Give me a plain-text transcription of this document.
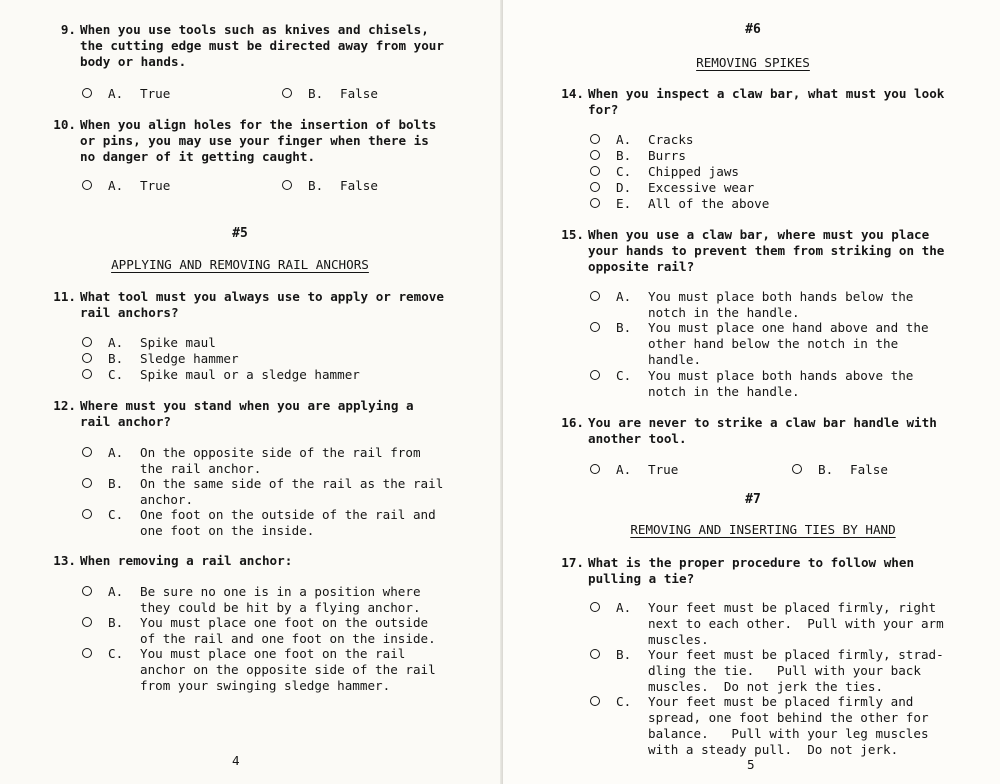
9.

When you use tools such as knives and chisels,

the cutting edge must be directed away from your

body or hands.

A. True	B. False

10.

When you align holes for the insertion of bolts

or pins, you may use your finger when there is

no danger of it getting caught.

A. True	B. False
#5
APPLYING AND REMOVING RAIL ANCHORS

11.

What tool must you always use to apply or remove

rail anchors?

A. Spike maul
B. Sledge hammer
C. Spike maul or a sledge hammer

12.

Where must you stand when you are applying a

rail anchor?

A. On the opposite side of the rail from
the rail anchor.
B. On the same side of the rail as the rail
anchor.
C. One foot on the outside of the rail and
one foot on the inside.

13.

When removing a rail anchor:

A. Be sure no one is in a position where
they could be hit by a flying anchor.
B. You must place one foot on the outside
of the rail and one foot on the inside.
C. You must place one foot on the rail
anchor on the opposite side of the rail
from your swinging sledge hammer.
4
#6
REMOVING SPIKES

14.

When you inspect a claw bar, what must you look

for?

A. Cracks
B. Burrs
C. Chipped jaws
D. Excessive wear
E. All of the above

15.

When you use a claw bar, where must you place

your hands to prevent them from striking on the

opposite rail?

A. You must place both hands below the
notch in the handle.
B. You must place one hand above and the
other hand below the notch in the
handle.
C. You must place both hands above the
notch in the handle.

16.

You are never to strike a claw bar handle with

another tool.

A. True	B. False
#7
REMOVING AND INSERTING TIES BY HAND

17.

What is the proper procedure to follow when

pulling a tie?

A. Your feet must be placed firmly, right
next to each other.  Pull with your arm
muscles.
B. Your feet must be placed firmly, strad-
dling the tie.   Pull with your back
muscles.  Do not jerk the ties.
C. Your feet must be placed firmly and
spread, one foot behind the other for
balance.   Pull with your leg muscles
with a steady pull.  Do not jerk.
5
